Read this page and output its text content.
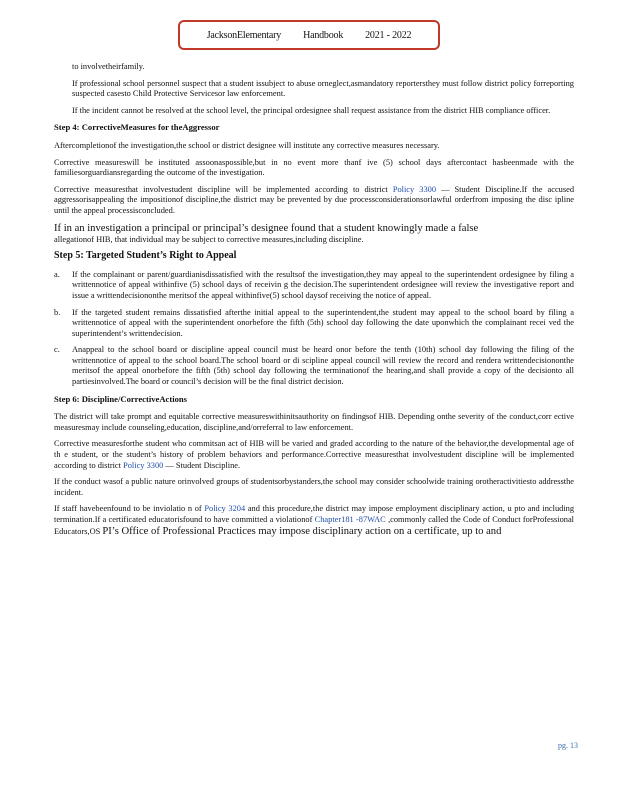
JacksonElementary Handbook 2021 - 2022

to involvetheirfamily.

If professional school personnel suspect that a student issubject to abuse orneglect,asmandatory reportersthey must follow district policy forreporting suspected casesto Child Protective Servicesor law enforcement.

If the incident cannot be resolved at the school level, the principal ordesignee shall request assistance from the district HIB compliance officer.

Step 4: CorrectiveMeasures for theAggressor

Aftercompletionof the investigation,the school or district designee will institute any corrective measures necessary.

Corrective measureswill be instituted assoonaspossible,but in no event more thanf ive (5) school days aftercontact hasbeenmade with the familiesorguardiansregarding the outcome of the investigation.

Corrective measuresthat involvestudent discipline will be implemented according to district Policy 3300 — Student Discipline.If the accused aggressorisappealing the impositionof discipline,the district may be prevented by due processconsiderationsorlawful orderfrom imposing the disc ipline until the appeal processisconcluded.

If in an investigation a principal or principal’s designee found that a student knowingly made a false

allegationof HIB, that individual may be subject to corrective measures,including discipline.

Step 5: Targeted Student’s Right to Appeal
a. If the complainant or parent/guardianisdissatisfied with the resultsof the investigation,they may appeal to the superintendent ordesignee by filing a writtennotice of appeal withinfive (5) school days of receivin g the decision.The superintendent ordesignee will review the investigative report and issue a writtendecisiononthe meritsof the appeal withinfive(5) school daysof receiving the notice of appeal.
b. If the targeted student remains dissatisfied afterthe initial appeal to the superintendent,the student may appeal to the school board by filing a writtennotice of appeal with the superintendent onorbefore the fifth (5th) school day following the date uponwhich the complainant recei ved the superintendent’s writtendecision.
c. Anappeal to the school board or discipline appeal council must be heard onor before the tenth (10th) school day following the filing of the writtennotice of appeal to the school board.The school board or di scipline appeal council will review the record and rendera writtendecisiononthe meritsof the appeal onorbefore the fifth (5th) school day following the terminationof the hearing,and shall provide a copy of the decisionto all partiesinvolved.The board or council’s decision will be the final district decision.
Step 6: Discipline/CorrectiveActions

The district will take prompt and equitable corrective measureswithinitsauthority on findingsof HIB. Depending onthe severity of the conduct,corr ective measuresmay include counseling,education, discipline,and/orreferral to law enforcement.

Corrective measuresforthe student who commitsan act of HIB will be varied and graded according to the nature of the behavior,the developmental age of th e student, or the student’s history of problem behaviors and performance.Corrective measuresthat involvestudent discipline will be implemented according to district Policy 3300 — Student Discipline.

If the conduct wasof a public nature orinvolved groups of studentsorbystanders,the school may consider schoolwide training orotheractivitiesto addressthe incident.

If staff havebeenfound to be inviolatio n of Policy 3204 and this procedure,the district may impose employment disciplinary action, u pto and including termination.If a certificated educatorisfound to have committed a violationof Chapter181 -87WAC ,commonly called the Code of Conduct forProfessional Educators,OS PI’s Office of Professional Practices may impose disciplinary action on a certificate, up to and

pg. 13
